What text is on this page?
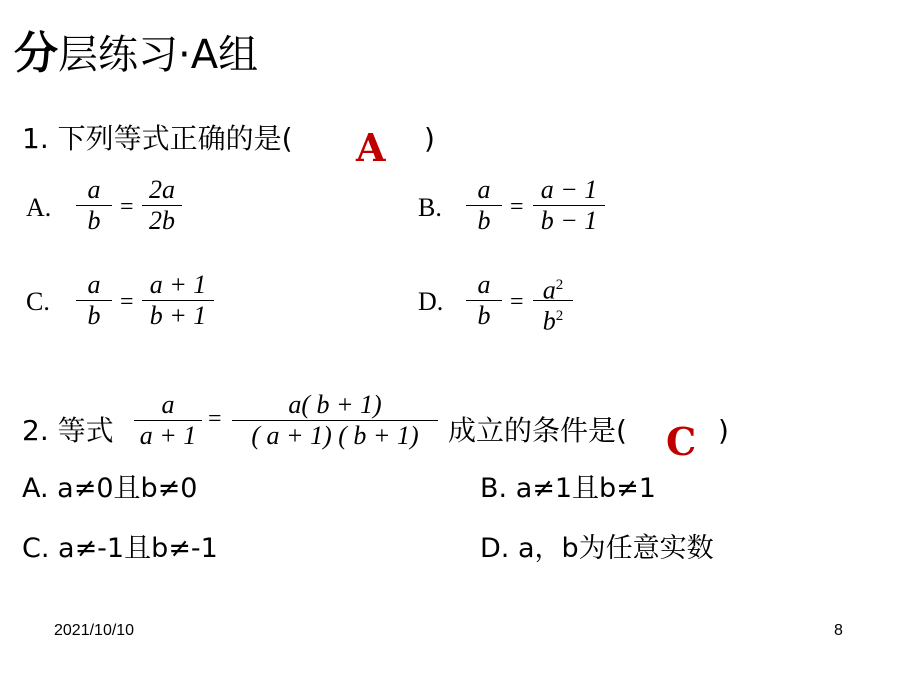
分层练习·A组
1. 下列等式正确的是( A )
A. $\frac{a}{b} = \frac{2a}{2b}$	B. $\frac{a}{b} = \frac{a - 1}{b - 1}$
C. $\frac{a}{b} = \frac{a + 1}{b + 1}$	D. $\frac{a}{b} = \frac{a^2}{b^2}$
2. 等式 $\frac{a}{a + 1} = \frac{a( b + 1)}{( a + 1) ( b + 1)}$ 成立的条件是( C )
A. a≠0且b≠0	B. a≠1且b≠1
C. a≠-1且b≠-1	D. a，b为任意实数
2021/10/10	8
